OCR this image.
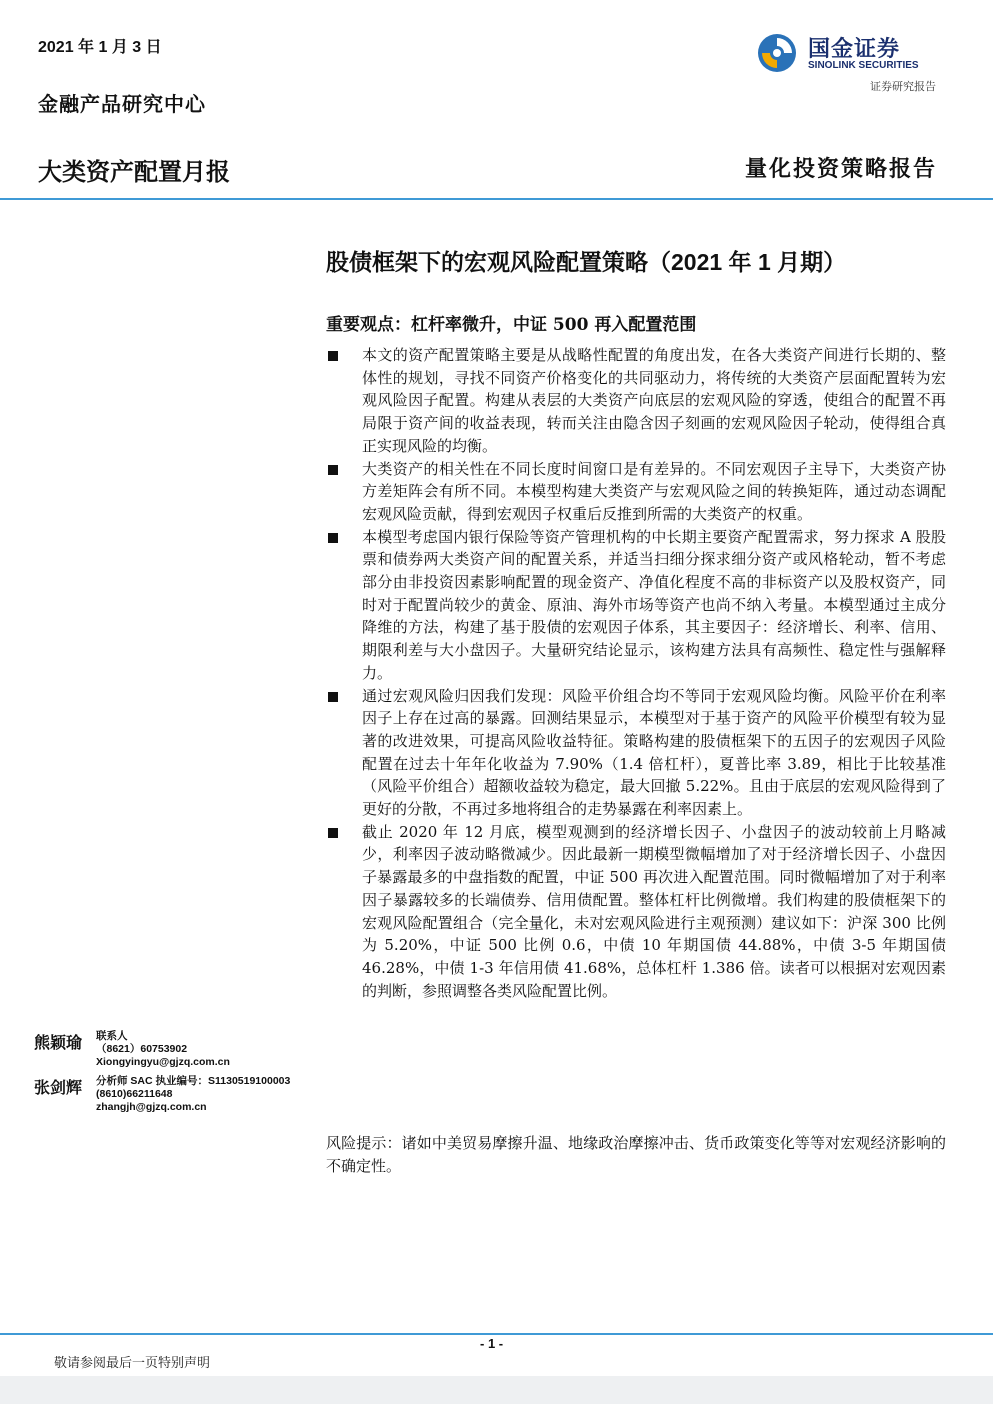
2021 年 1 月 3 日
金融产品研究中心
国金证券
SINOLINK SECURITIES
证券研究报告
大类资产配置月报	量化投资策略报告
股债框架下的宏观风险配置策略（2021 年 1 月期）
重要观点：杠杆率微升，中证 500 再入配置范围
本文的资产配置策略主要是从战略性配置的角度出发，在各大类资产间进行长期的、整体性的规划，寻找不同资产价格变化的共同驱动力，将传统的大类资产层面配置转为宏观风险因子配置。构建从表层的大类资产向底层的宏观风险的穿透，使组合的配置不再局限于资产间的收益表现，转而关注由隐含因子刻画的宏观风险因子轮动，使得组合真正实现风险的均衡。
大类资产的相关性在不同长度时间窗口是有差异的。不同宏观因子主导下，大类资产协方差矩阵会有所不同。本模型构建大类资产与宏观风险之间的转换矩阵，通过动态调配宏观风险贡献，得到宏观因子权重后反推到所需的大类资产的权重。
本模型考虑国内银行保险等资产管理机构的中长期主要资产配置需求，努力探求 A 股股票和债券两大类资产间的配置关系，并适当扫细分探求细分资产或风格轮动，暂不考虑部分由非投资因素影响配置的现金资产、净值化程度不高的非标资产以及股权资产，同时对于配置尚较少的黄金、原油、海外市场等资产也尚不纳入考量。本模型通过主成分降维的方法，构建了基于股债的宏观因子体系，其主要因子：经济增长、利率、信用、 期限利差与大小盘因子。大量研究结论显示，该构建方法具有高频性、稳定性与强解释力。
通过宏观风险归因我们发现：风险平价组合均不等同于宏观风险均衡。风险平价在利率因子上存在过高的暴露。回测结果显示，本模型对于基于资产的风险平价模型有较为显著的改进效果，可提高风险收益特征。策略构建的股债框架下的五因子的宏观因子风险配置在过去十年年化收益为 7.90%（1.4 倍杠杆），夏普比率 3.89，相比于比较基准（风险平价组合）超额收益较为稳定，最大回撤 5.22%。且由于底层的宏观风险得到了更好的分散，不再过多地将组合的走势暴露在利率因素上。
截止 2020 年 12 月底，模型观测到的经济增长因子、小盘因子的波动较前上月略减少，利率因子波动略微减少。因此最新一期模型微幅增加了对于经济增长因子、小盘因子暴露最多的中盘指数的配置，中证 500 再次进入配置范围。同时微幅增加了对于利率因子暴露较多的长端债券、信用债配置。整体杠杆比例微增。我们构建的股债框架下的宏观风险配置组合（完全量化，未对宏观风险进行主观预测）建议如下：沪深 300 比例为 5.20%，中证 500 比例 0.6，中债 10 年期国债 44.88%，中债 3-5 年期国债 46.28%，中债 1-3 年信用债 41.68%，总体杠杆 1.386 倍。读者可以根据对宏观因素的判断，参照调整各类风险配置比例。
熊颖瑜 联系人
（8621）60753902
Xiongyingyu@gjzq.com.cn
张剑辉 分析师 SAC 执业编号：S1130519100003
(8610)66211648
zhangjh@gjzq.com.cn
风险提示：诸如中美贸易摩擦升温、地缘政治摩擦冲击、货币政策变化等等对宏观经济影响的不确定性。
- 1 -
敬请参阅最后一页特别声明
